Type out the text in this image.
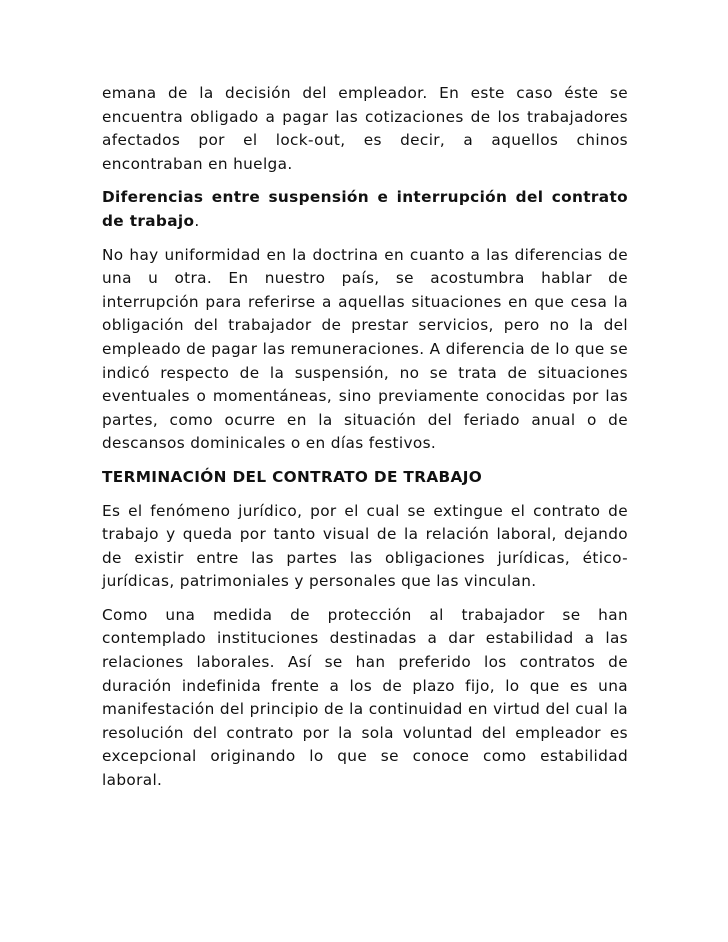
emana de la decisión del empleador. En este caso éste se encuentra obligado a pagar las cotizaciones de los trabajadores afectados por el lock-out, es decir, a aquellos chinos encontraban en huelga.

Diferencias entre suspensión e interrupción del contrato de trabajo.

No hay uniformidad en la doctrina en cuanto a las diferencias de una u otra. En nuestro país, se acostumbra hablar de interrupción para referirse a aquellas situaciones en que cesa la obligación del trabajador de prestar servicios, pero no la del empleado de pagar las remuneraciones. A diferencia de lo que se indicó respecto de la suspensión, no se trata de situaciones eventuales o momentáneas, sino previamente conocidas por las partes, como ocurre en la situación del feriado anual o de descansos dominicales o en días festivos.

TERMINACIÓN DEL CONTRATO DE TRABAJO

Es el fenómeno jurídico, por el cual se extingue el contrato de trabajo y queda por tanto visual de la relación laboral, dejando de existir entre las partes las obligaciones jurídicas, ético-jurídicas, patrimoniales y personales que las vinculan.

Como una medida de protección al trabajador se han contemplado instituciones destinadas a dar estabilidad a las relaciones laborales. Así se han preferido los contratos de duración indefinida frente a los de plazo fijo, lo que es una manifestación del principio de la continuidad en virtud del cual la resolución del contrato por la sola voluntad del empleador es excepcional originando lo que se conoce como estabilidad laboral.
